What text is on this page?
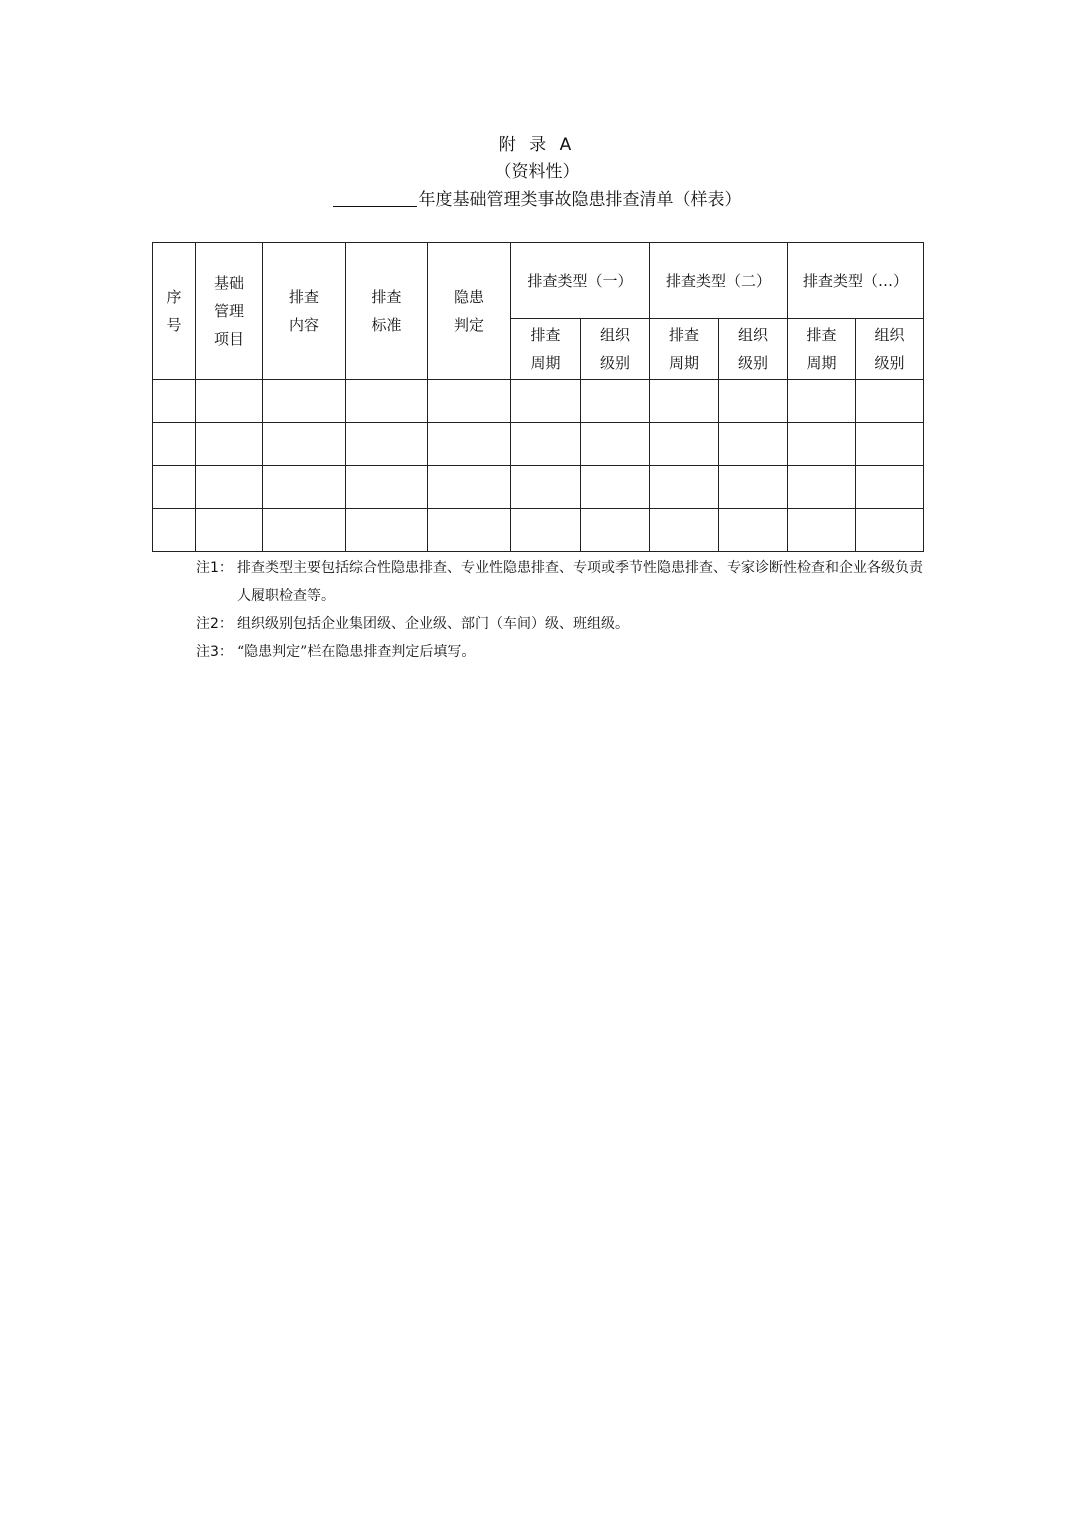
附 录 A
（资料性）
年度基础管理类事故隐患排查清单（样表）
序号	基础管理项目	排查内容	排查标准	隐患判定	排查类型（一）		排查类型（二）		排查类型（…）	

					排查周期	组织级别	排查周期	组织级别	排查周期	组织级别

注1： 排查类型主要包括综合性隐患排查、专业性隐患排查、专项或季节性隐患排查、专家诊断性检查和企业各级负责人履职检查等。
注2： 组织级别包括企业集团级、企业级、部门（车间）级、班组级。
注3： “隐患判定”栏在隐患排查判定后填写。
